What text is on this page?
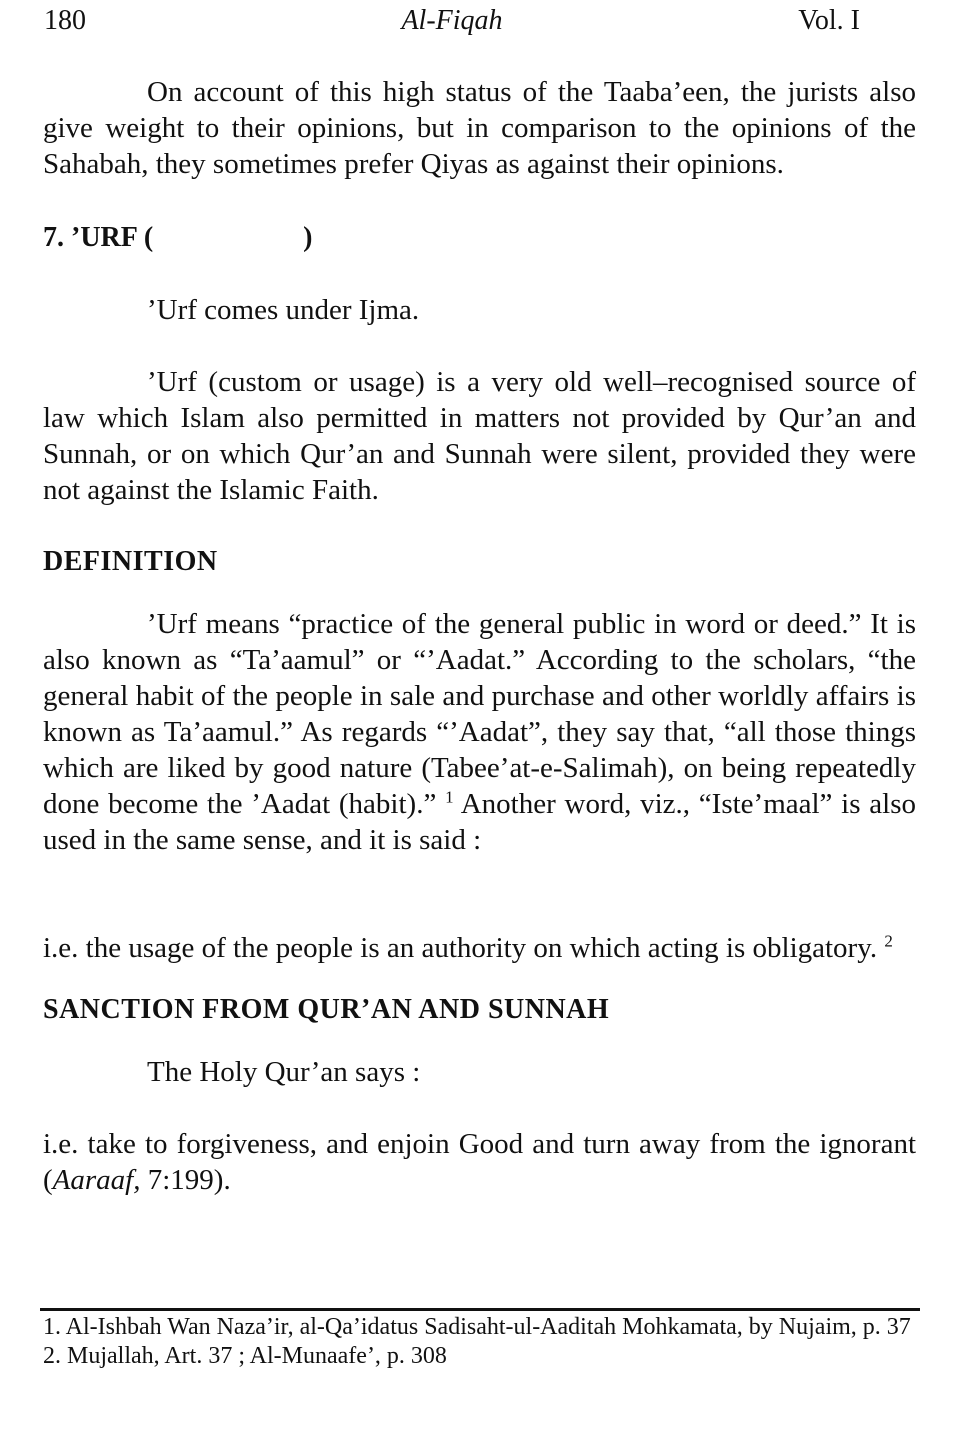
180	Al-Fiqah	Vol. I

On account of this high status of the Taaba’een, the jurists also give weight to their opinions, but in comparison to the opinions of the Sahabah, they sometimes prefer Qiyas as against their opinions.

7. ’URF (	)

’Urf comes under Ijma.

’Urf (custom or usage) is a very old well–recognised source of law which Islam also permitted in matters not provided by Qur’an and Sunnah, or on which Qur’an and Sunnah were silent, provided they were not against the Islamic Faith.

DEFINITION

’Urf means “practice of the general public in word or deed.” It is also known as “Ta’aamul” or “’Aadat.” According to the scholars, “the general habit of the people in sale and purchase and other worldly affairs is known as Ta’aamul.” As regards “’Aadat”, they say that, “all those things which are liked by good nature (Tabee’at-e-Salimah), on being repeatedly done become the ’Aadat (habit).” $^1$ Another word, viz., “Iste’maal” is also used in the same sense, and it is said :

i.e. the usage of the people is an authority on which acting is obligatory. $^2$

SANCTION FROM QUR’AN AND SUNNAH

The Holy Qur’an says :

i.e. take to forgiveness, and enjoin Good and turn away from the ignorant (Aaraaf, 7:199).

1. Al-Ishbah Wan Naza’ir, al-Qa’idatus Sadisaht-ul-Aaditah Mohkamata, by Nujaim, p. 37

2. Mujallah, Art. 37 ; Al-Munaafe’, p. 308
